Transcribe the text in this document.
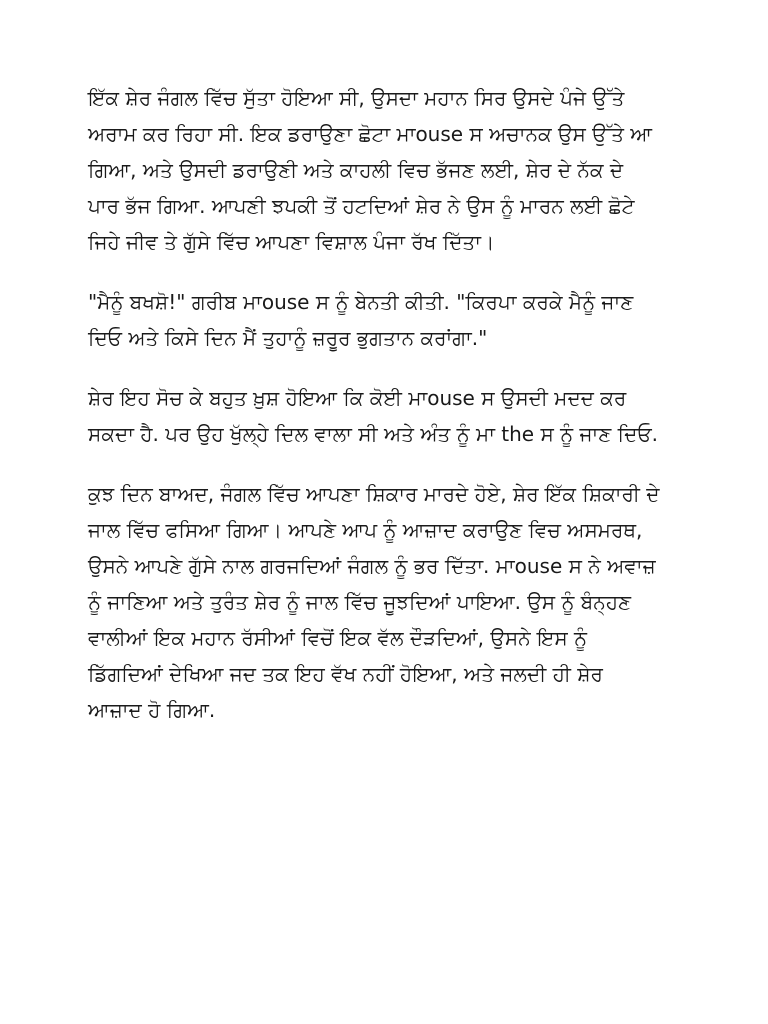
ਇੱਕ ਸ਼ੇਰ ਜੰਗਲ ਵਿੱਚ ਸੁੱਤਾ ਹੋਇਆ ਸੀ, ਉਸਦਾ ਮਹਾਨ ਸਿਰ ਉਸਦੇ ਪੰਜੇ ਉੱਤੇ ਅਰਾਮ ਕਰ ਰਿਹਾ ਸੀ. ਇਕ ਡਰਾਉਣਾ ਛੋਟਾ ਮਾouse ਸ ਅਚਾਨਕ ਉਸ ਉੱਤੇ ਆ ਗਿਆ, ਅਤੇ ਉਸਦੀ ਡਰਾਉਣੀ ਅਤੇ ਕਾਹਲੀ ਵਿਚ ਭੱਜਣ ਲਈ, ਸ਼ੇਰ ਦੇ ਨੱਕ ਦੇ ਪਾਰ ਭੱਜ ਗਿਆ. ਆਪਣੀ ਝਪਕੀ ਤੋਂ ਹਟਦਿਆਂ ਸ਼ੇਰ ਨੇ ਉਸ ਨੂੰ ਮਾਰਨ ਲਈ ਛੋਟੇ ਜਿਹੇ ਜੀਵ ਤੇ ਗੁੱਸੇ ਵਿੱਚ ਆਪਣਾ ਵਿਸ਼ਾਲ ਪੰਜਾ ਰੱਖ ਦਿੱਤਾ।

"ਮੈਨੂੰ ਬਖਸ਼ੋ!" ਗਰੀਬ ਮਾouse ਸ ਨੂੰ ਬੇਨਤੀ ਕੀਤੀ. "ਕਿਰਪਾ ਕਰਕੇ ਮੈਨੂੰ ਜਾਣ ਦਿਓ ਅਤੇ ਕਿਸੇ ਦਿਨ ਮੈਂ ਤੁਹਾਨੂੰ ਜ਼ਰੂਰ ਭੁਗਤਾਨ ਕਰਾਂਗਾ."

ਸ਼ੇਰ ਇਹ ਸੋਚ ਕੇ ਬਹੁਤ ਖ਼ੁਸ਼ ਹੋਇਆ ਕਿ ਕੋਈ ਮਾouse ਸ ਉਸਦੀ ਮਦਦ ਕਰ ਸਕਦਾ ਹੈ. ਪਰ ਉਹ ਖੁੱਲ੍ਹੇ ਦਿਲ ਵਾਲਾ ਸੀ ਅਤੇ ਅੰਤ ਨੂੰ ਮਾ the ਸ ਨੂੰ ਜਾਣ ਦਿਓ.

ਕੁਝ ਦਿਨ ਬਾਅਦ, ਜੰਗਲ ਵਿੱਚ ਆਪਣਾ ਸ਼ਿਕਾਰ ਮਾਰਦੇ ਹੋਏ, ਸ਼ੇਰ ਇੱਕ ਸ਼ਿਕਾਰੀ ਦੇ ਜਾਲ ਵਿੱਚ ਫਸਿਆ ਗਿਆ। ਆਪਣੇ ਆਪ ਨੂੰ ਆਜ਼ਾਦ ਕਰਾਉਣ ਵਿਚ ਅਸਮਰਥ, ਉਸਨੇ ਆਪਣੇ ਗੁੱਸੇ ਨਾਲ ਗਰਜਦਿਆਂ ਜੰਗਲ ਨੂੰ ਭਰ ਦਿੱਤਾ. ਮਾouse ਸ ਨੇ ਅਵਾਜ਼ ਨੂੰ ਜਾਣਿਆ ਅਤੇ ਤੁਰੰਤ ਸ਼ੇਰ ਨੂੰ ਜਾਲ ਵਿੱਚ ਜੂਝਦਿਆਂ ਪਾਇਆ. ਉਸ ਨੂੰ ਬੰਨ੍ਹਣ ਵਾਲੀਆਂ ਇਕ ਮਹਾਨ ਰੱਸੀਆਂ ਵਿਚੋਂ ਇਕ ਵੱਲ ਦੌੜਦਿਆਂ, ਉਸਨੇ ਇਸ ਨੂੰ ਡਿੱਗਦਿਆਂ ਦੇਖਿਆ ਜਦ ਤਕ ਇਹ ਵੱਖ ਨਹੀਂ ਹੋਇਆ, ਅਤੇ ਜਲਦੀ ਹੀ ਸ਼ੇਰ ਆਜ਼ਾਦ ਹੋ ਗਿਆ.
